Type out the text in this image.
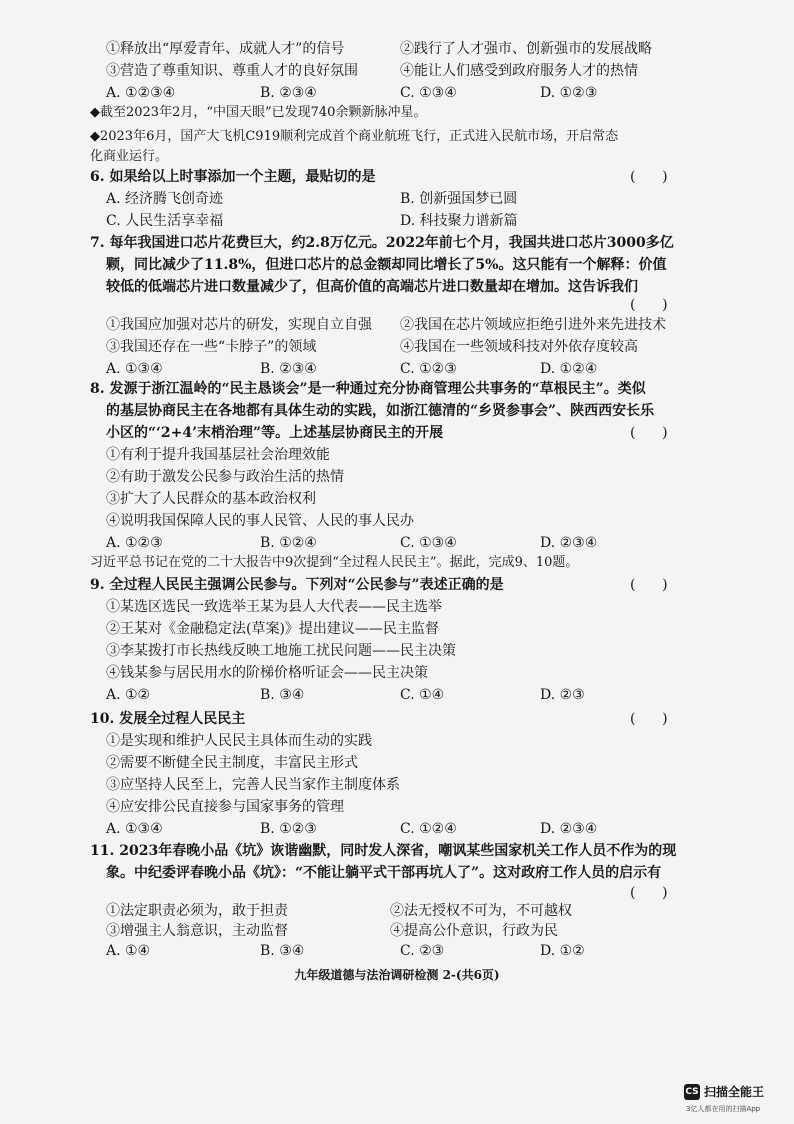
①释放出“厚爱青年、成就人才”的信号	②践行了人才强市、创新强市的发展战略
③营造了尊重知识、尊重人才的良好氛围	④能让人们感受到政府服务人才的热情
A. ①②③④	B. ②③④	C. ①③④	D. ①②③
◆截至2023年2月，“中国天眼”已发现740余颗新脉冲星。
◆2023年6月，国产大飞机C919顺利完成首个商业航班飞行，正式进入民航市场，开启常态
化商业运行。
6. 如果给以上时事添加一个主题，最贴切的是	(      )
A. 经济腾飞创奇迹	B. 创新强国梦已圆
C. 人民生活享幸福	D. 科技聚力谱新篇
7. 每年我国进口芯片花费巨大，约2.8万亿元。2022年前七个月，我国共进口芯片3000多亿
颗，同比减少了11.8%，但进口芯片的总金额却同比增长了5%。这只能有一个解释：价值
较低的低端芯片进口数量减少了，但高价值的高端芯片进口数量却在增加。这告诉我们
(      )
①我国应加强对芯片的研发，实现自立自强 ②我国在芯片领域应拒绝引进外来先进技术
③我国还存在一些“卡脖子”的领域	④我国在一些领域科技对外依存度较高
A. ①③④	B. ②③④	C. ①②③	D. ①②④
8. 发源于浙江温岭的“民主恳谈会”是一种通过充分协商管理公共事务的“草根民主”。类似
的基层协商民主在各地都有具体生动的实践，如浙江德清的“乡贤参事会”、陕西西安长乐
小区的“‘2+4’末梢治理”等。上述基层协商民主的开展	(      )
①有利于提升我国基层社会治理效能
②有助于激发公民参与政治生活的热情
③扩大了人民群众的基本政治权利
④说明我国保障人民的事人民管、人民的事人民办
A. ①②③	B. ①②④	C. ①③④	D. ②③④
习近平总书记在党的二十大报告中9次提到“全过程人民民主”。据此，完成9、10题。
9. 全过程人民民主强调公民参与。下列对“公民参与”表述正确的是	(      )
①某选区选民一致选举王某为县人大代表——民主选举
②王某对《金融稳定法(草案)》提出建议——民主监督
③李某拨打市长热线反映工地施工扰民问题——民主决策
④钱某参与居民用水的阶梯价格听证会——民主决策
A. ①②	B. ③④	C. ①④	D. ②③
10. 发展全过程人民民主	(      )
①是实现和维护人民民主具体而生动的实践
②需要不断健全民主制度，丰富民主形式
③应坚持人民至上，完善人民当家作主制度体系
④应安排公民直接参与国家事务的管理
A. ①③④	B. ①②③	C. ①②④	D. ②③④
11. 2023年春晚小品《坑》诙谐幽默，同时发人深省，嘲讽某些国家机关工作人员不作为的现
象。中纪委评春晚小品《坑》：“不能让躺平式干部再坑人了”。这对政府工作人员的启示有
(      )
①法定职责必须为，敢于担责	②法无授权不可为，不可越权
③增强主人翁意识，主动监督	④提高公仆意识，行政为民
A. ①④	B. ③④	C. ②③	D. ①②
九年级道德与法治调研检测 2-(共6页)
CS 扫描全能王
3亿人都在用的扫描App
